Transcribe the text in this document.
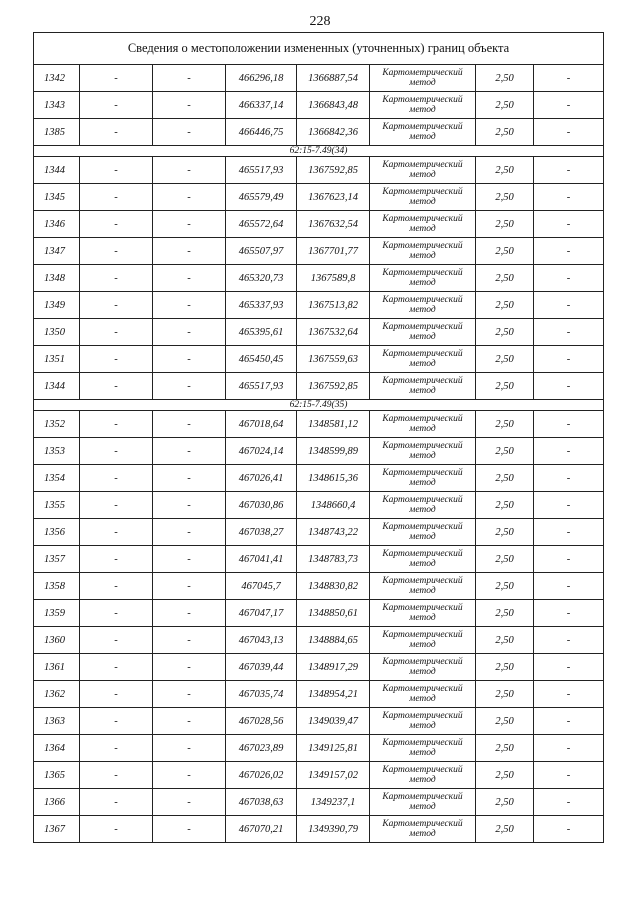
228
Сведения о местоположении измененных (уточненных) границ объекта							
1342	-	-	466296,18	1366887,54	Картометрический метод	2,50	-
1343	-	-	466337,14	1366843,48	Картометрический метод	2,50	-
1385	-	-	466446,75	1366842,36	Картометрический метод	2,50	-
62:15-7.49(34)							
1344	-	-	465517,93	1367592,85	Картометрический метод	2,50	-
1345	-	-	465579,49	1367623,14	Картометрический метод	2,50	-
1346	-	-	465572,64	1367632,54	Картометрический метод	2,50	-
1347	-	-	465507,97	1367701,77	Картометрический метод	2,50	-
1348	-	-	465320,73	1367589,8	Картометрический метод	2,50	-
1349	-	-	465337,93	1367513,82	Картометрический метод	2,50	-
1350	-	-	465395,61	1367532,64	Картометрический метод	2,50	-
1351	-	-	465450,45	1367559,63	Картометрический метод	2,50	-
1344	-	-	465517,93	1367592,85	Картометрический метод	2,50	-
62:15-7.49(35)							
1352	-	-	467018,64	1348581,12	Картометрический метод	2,50	-
1353	-	-	467024,14	1348599,89	Картометрический метод	2,50	-
1354	-	-	467026,41	1348615,36	Картометрический метод	2,50	-
1355	-	-	467030,86	1348660,4	Картометрический метод	2,50	-
1356	-	-	467038,27	1348743,22	Картометрический метод	2,50	-
1357	-	-	467041,41	1348783,73	Картометрический метод	2,50	-
1358	-	-	467045,7	1348830,82	Картометрический метод	2,50	-
1359	-	-	467047,17	1348850,61	Картометрический метод	2,50	-
1360	-	-	467043,13	1348884,65	Картометрический метод	2,50	-
1361	-	-	467039,44	1348917,29	Картометрический метод	2,50	-
1362	-	-	467035,74	1348954,21	Картометрический метод	2,50	-
1363	-	-	467028,56	1349039,47	Картометрический метод	2,50	-
1364	-	-	467023,89	1349125,81	Картометрический метод	2,50	-
1365	-	-	467026,02	1349157,02	Картометрический метод	2,50	-
1366	-	-	467038,63	1349237,1	Картометрический метод	2,50	-
1367	-	-	467070,21	1349390,79	Картометрический метод	2,50	-
